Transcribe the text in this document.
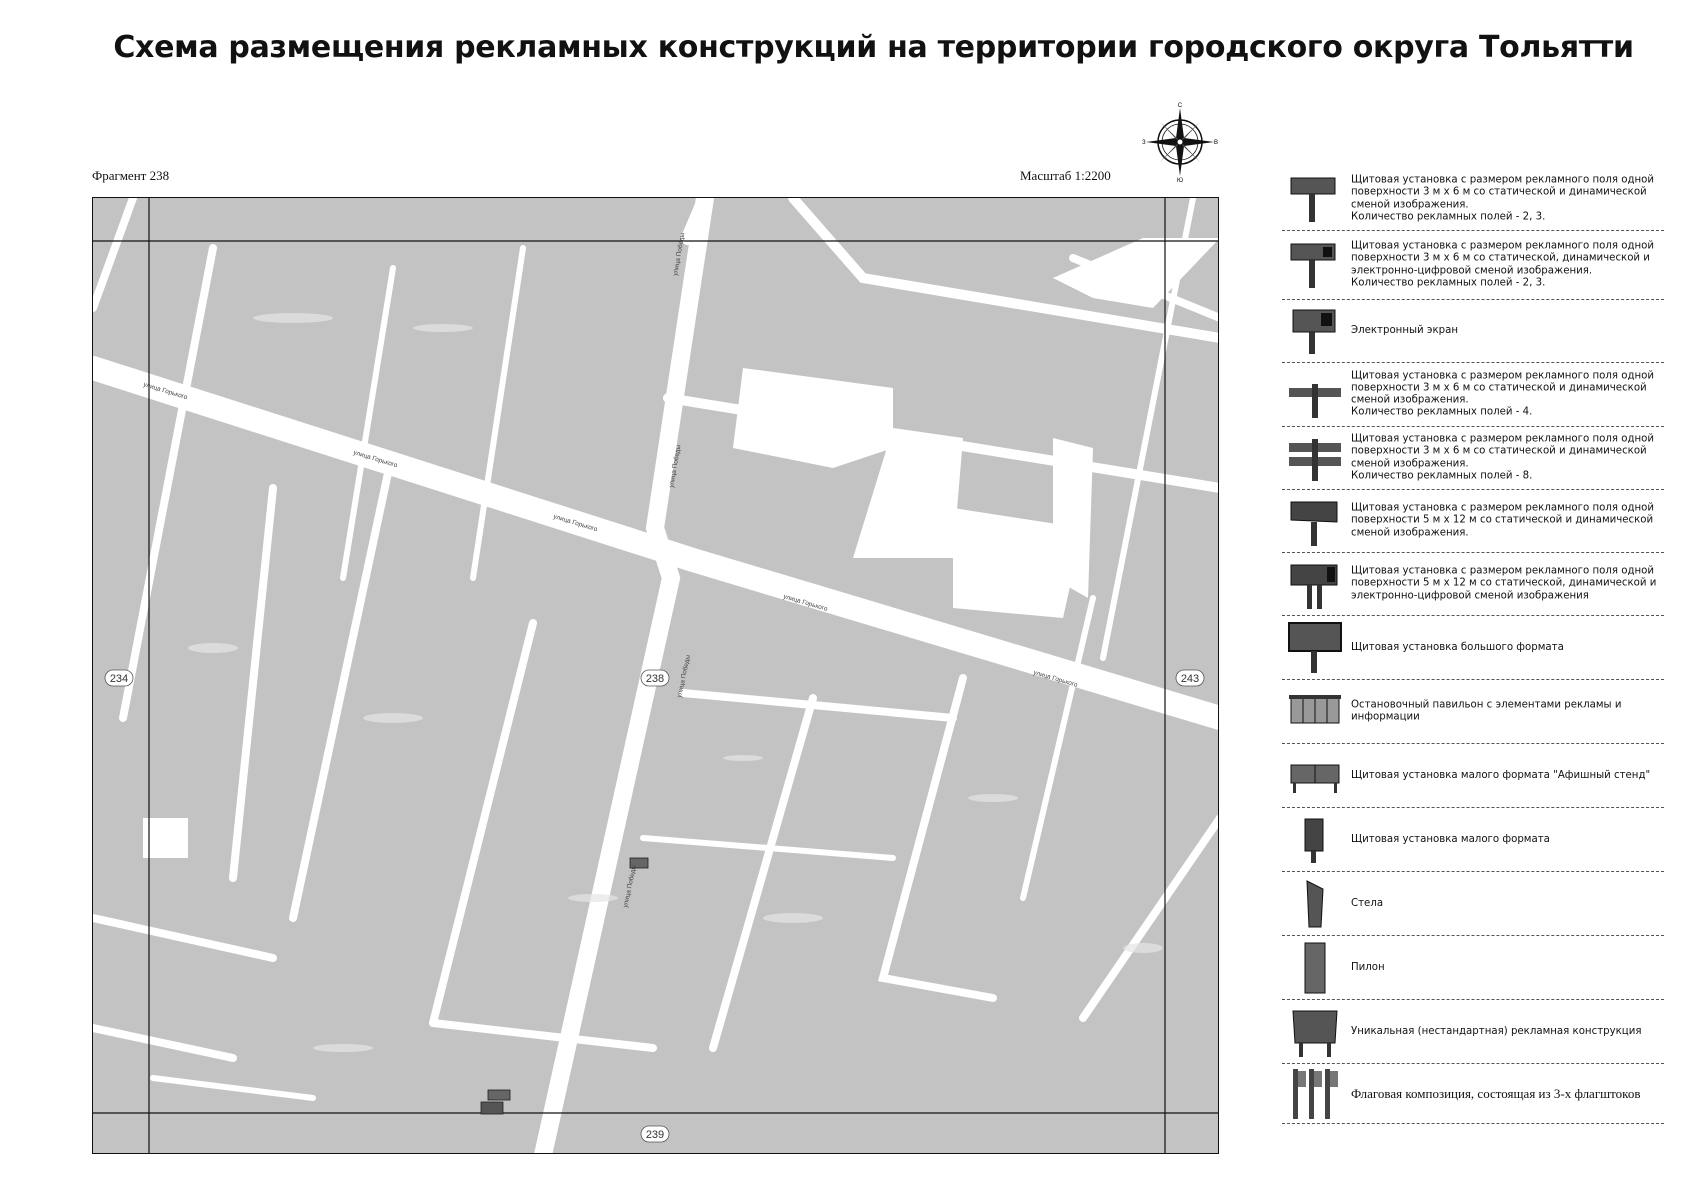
Схема размещения рекламных конструкций на территории городского округа Тольятти
Фрагмент 238	Масштаб 1:2200
С
Ю
З	В
238
234	243
239
улица Горького
улица Горького
улица Горького
улица Горького
улица Горького
улица Победы
улица Победы
улица Победы
улица Победы
Щитовая установка с размером рекламного поля одной поверхности 3 м х 6 м со статической и динамической сменой изображения.
Количество рекламных полей - 2, 3.
Щитовая установка с размером рекламного поля одной поверхности 3 м х 6 м со статической, динамической и электронно-цифровой сменой изображения.
Количество рекламных полей - 2, 3.
Электронный экран
Щитовая установка с размером рекламного поля одной поверхности 3 м х 6 м со статической и динамической сменой изображения.
Количество рекламных полей - 4.
Щитовая установка с размером рекламного поля одной поверхности 3 м х 6 м со статической и динамической сменой изображения.
Количество рекламных полей - 8.
Щитовая установка с размером рекламного поля одной поверхности 5 м х 12 м со статической и динамической сменой изображения.
Щитовая установка с размером рекламного поля одной поверхности 5 м х 12 м со статической, динамической и электронно-цифровой сменой изображения
Щитовая установка большого формата
Остановочный павильон с элементами рекламы и информации
Щитовая установка малого формата "Афишный стенд"
Щитовая установка малого формата
Стела
Пилон
Уникальная (нестандартная) рекламная конструкция
Флаговая композиция, состоящая из 3-х флагштоков
